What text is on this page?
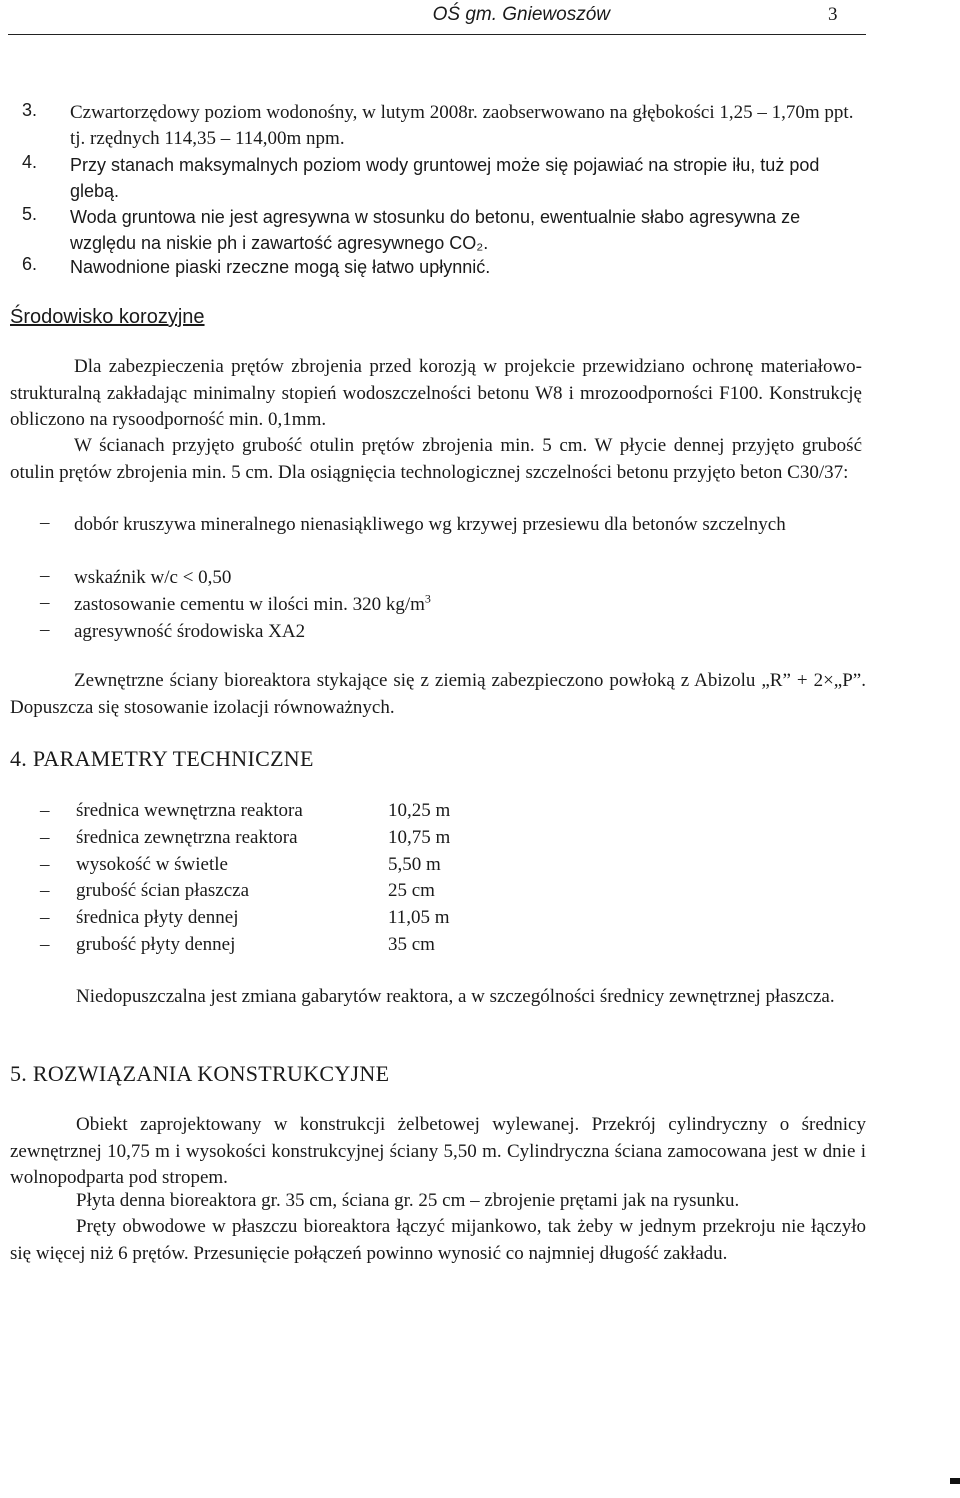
OŚ gm. Gniewoszów	3
3. Czwartorzędowy poziom wodonośny, w lutym 2008r. zaobserwowano na głębokości 1,25 – 1,70m ppt. tj. rzędnych 114,35 – 114,00m npm.
4. Przy stanach maksymalnych poziom wody gruntowej może się pojawiać na stropie iłu, tuż pod glebą.
5. Woda gruntowa nie jest agresywna w stosunku do betonu, ewentualnie słabo agresywna ze względu na niskie ph i zawartość agresywnego CO₂.
6. Nawodnione piaski rzeczne mogą się łatwo upłynnić.
Środowisko korozyjne
Dla zabezpieczenia prętów zbrojenia przed korozją w projekcie przewidziano ochronę materiałowo-strukturalną zakładając minimalny stopień wodoszczelności betonu W8 i mrozoodporności F100. Konstrukcję obliczono na rysoodporność min. 0,1mm.
W ścianach przyjęto grubość otulin prętów zbrojenia min. 5 cm. W płycie dennej przyjęto grubość otulin prętów zbrojenia min. 5 cm. Dla osiągnięcia technologicznej szczelności betonu przyjęto beton C30/37:
– dobór kruszywa mineralnego nienasiąkliwego wg krzywej przesiewu dla betonów szczelnych
– wskaźnik w/c < 0,50
– zastosowanie cementu w ilości min. 320 $kg/m^3$
– agresywność środowiska XA2
Zewnętrzne ściany bioreaktora stykające się z ziemią zabezpieczono powłoką z Abizolu „R” + 2×„P”. Dopuszcza się stosowanie izolacji równoważnych.
4. PARAMETRY TECHNICZNE
– średnica wewnętrzna reaktora	10,25 m
– średnica zewnętrzna reaktora	10,75 m
– wysokość w świetle	5,50 m
– grubość ścian płaszcza	25 cm
– średnica płyty dennej	11,05 m
– grubość płyty dennej	35 cm
Niedopuszczalna jest zmiana gabarytów reaktora, a w szczególności średnicy zewnętrznej płaszcza.
5. ROZWIĄZANIA KONSTRUKCYJNE
Obiekt zaprojektowany w konstrukcji żelbetowej wylewanej. Przekrój cylindryczny o średnicy zewnętrznej 10,75 m i wysokości konstrukcyjnej ściany 5,50 m. Cylindryczna ściana zamocowana jest w dnie i wolnopodparta pod stropem.
Płyta denna bioreaktora gr. 35 cm, ściana gr. 25 cm – zbrojenie prętami jak na rysunku.
Pręty obwodowe w płaszczu bioreaktora łączyć mijankowo, tak żeby w jednym przekroju nie łączyło się więcej niż 6 prętów. Przesunięcie połączeń powinno wynosić co najmniej długość zakładu.
